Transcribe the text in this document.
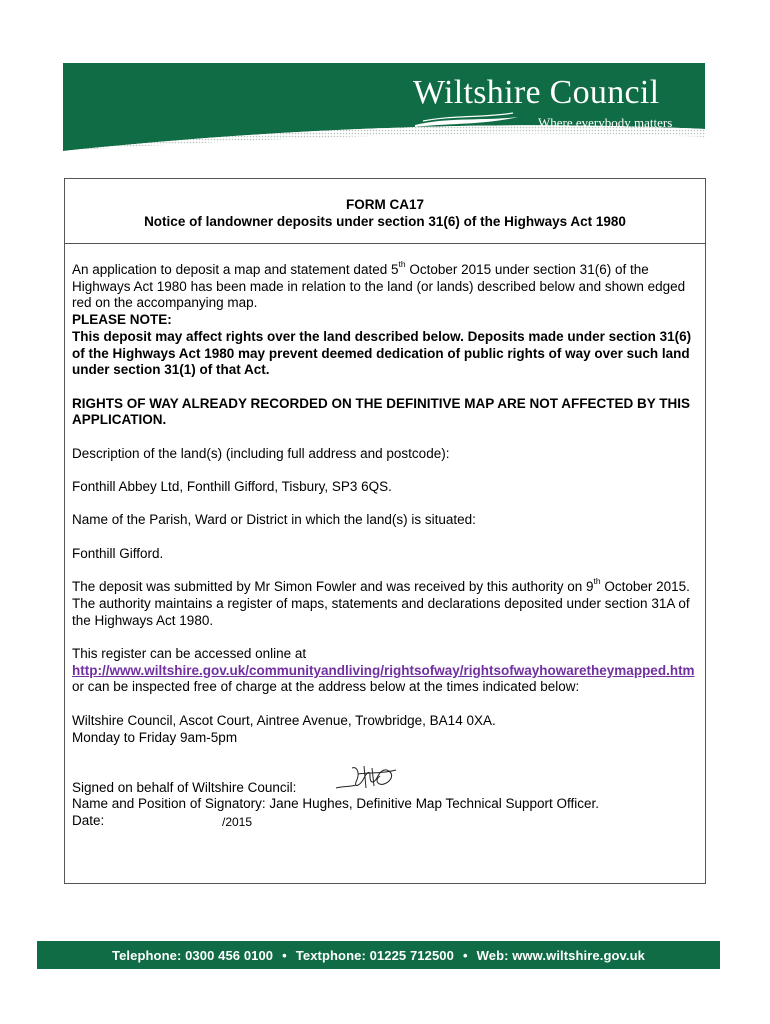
Wiltshire Council
Where everybody matters
FORM CA17
Notice of landowner deposits under section 31(6) of the Highways Act 1980

An application to deposit a map and statement dated 5th October 2015 under section 31(6) of the Highways Act 1980 has been made in relation to the land (or lands) described below and shown edged red on the accompanying map.

PLEASE NOTE:

This deposit may affect rights over the land described below. Deposits made under section 31(6) of the Highways Act 1980 may prevent deemed dedication of public rights of way over such land under section 31(1) of that Act.

RIGHTS OF WAY ALREADY RECORDED ON THE DEFINITIVE MAP ARE NOT AFFECTED BY THIS APPLICATION.

Description of the land(s) (including full address and postcode):

Fonthill Abbey Ltd, Fonthill Gifford, Tisbury, SP3 6QS.

Name of the Parish, Ward or District in which the land(s) is situated:

Fonthill Gifford.

The deposit was submitted by Mr Simon Fowler and was received by this authority on 9th October 2015.

The authority maintains a register of maps, statements and declarations deposited under section 31A of the Highways Act 1980.

This register can be accessed online at

http://www.wiltshire.gov.uk/communityandliving/rightsofway/rightsofwayhowaretheymapped.htm or can be inspected free of charge at the address below at the times indicated below:

Wiltshire Council, Ascot Court, Aintree Avenue, Trowbridge, BA14 0XA.

Monday to Friday 9am-5pm

Signed on behalf of Wiltshire Council:

Name and Position of Signatory: Jane Hughes, Definitive Map Technical Support Officer.

Date:	/2015
Telephone: 0300 456 0100 • Textphone: 01225 712500 • Web: www.wiltshire.gov.uk
